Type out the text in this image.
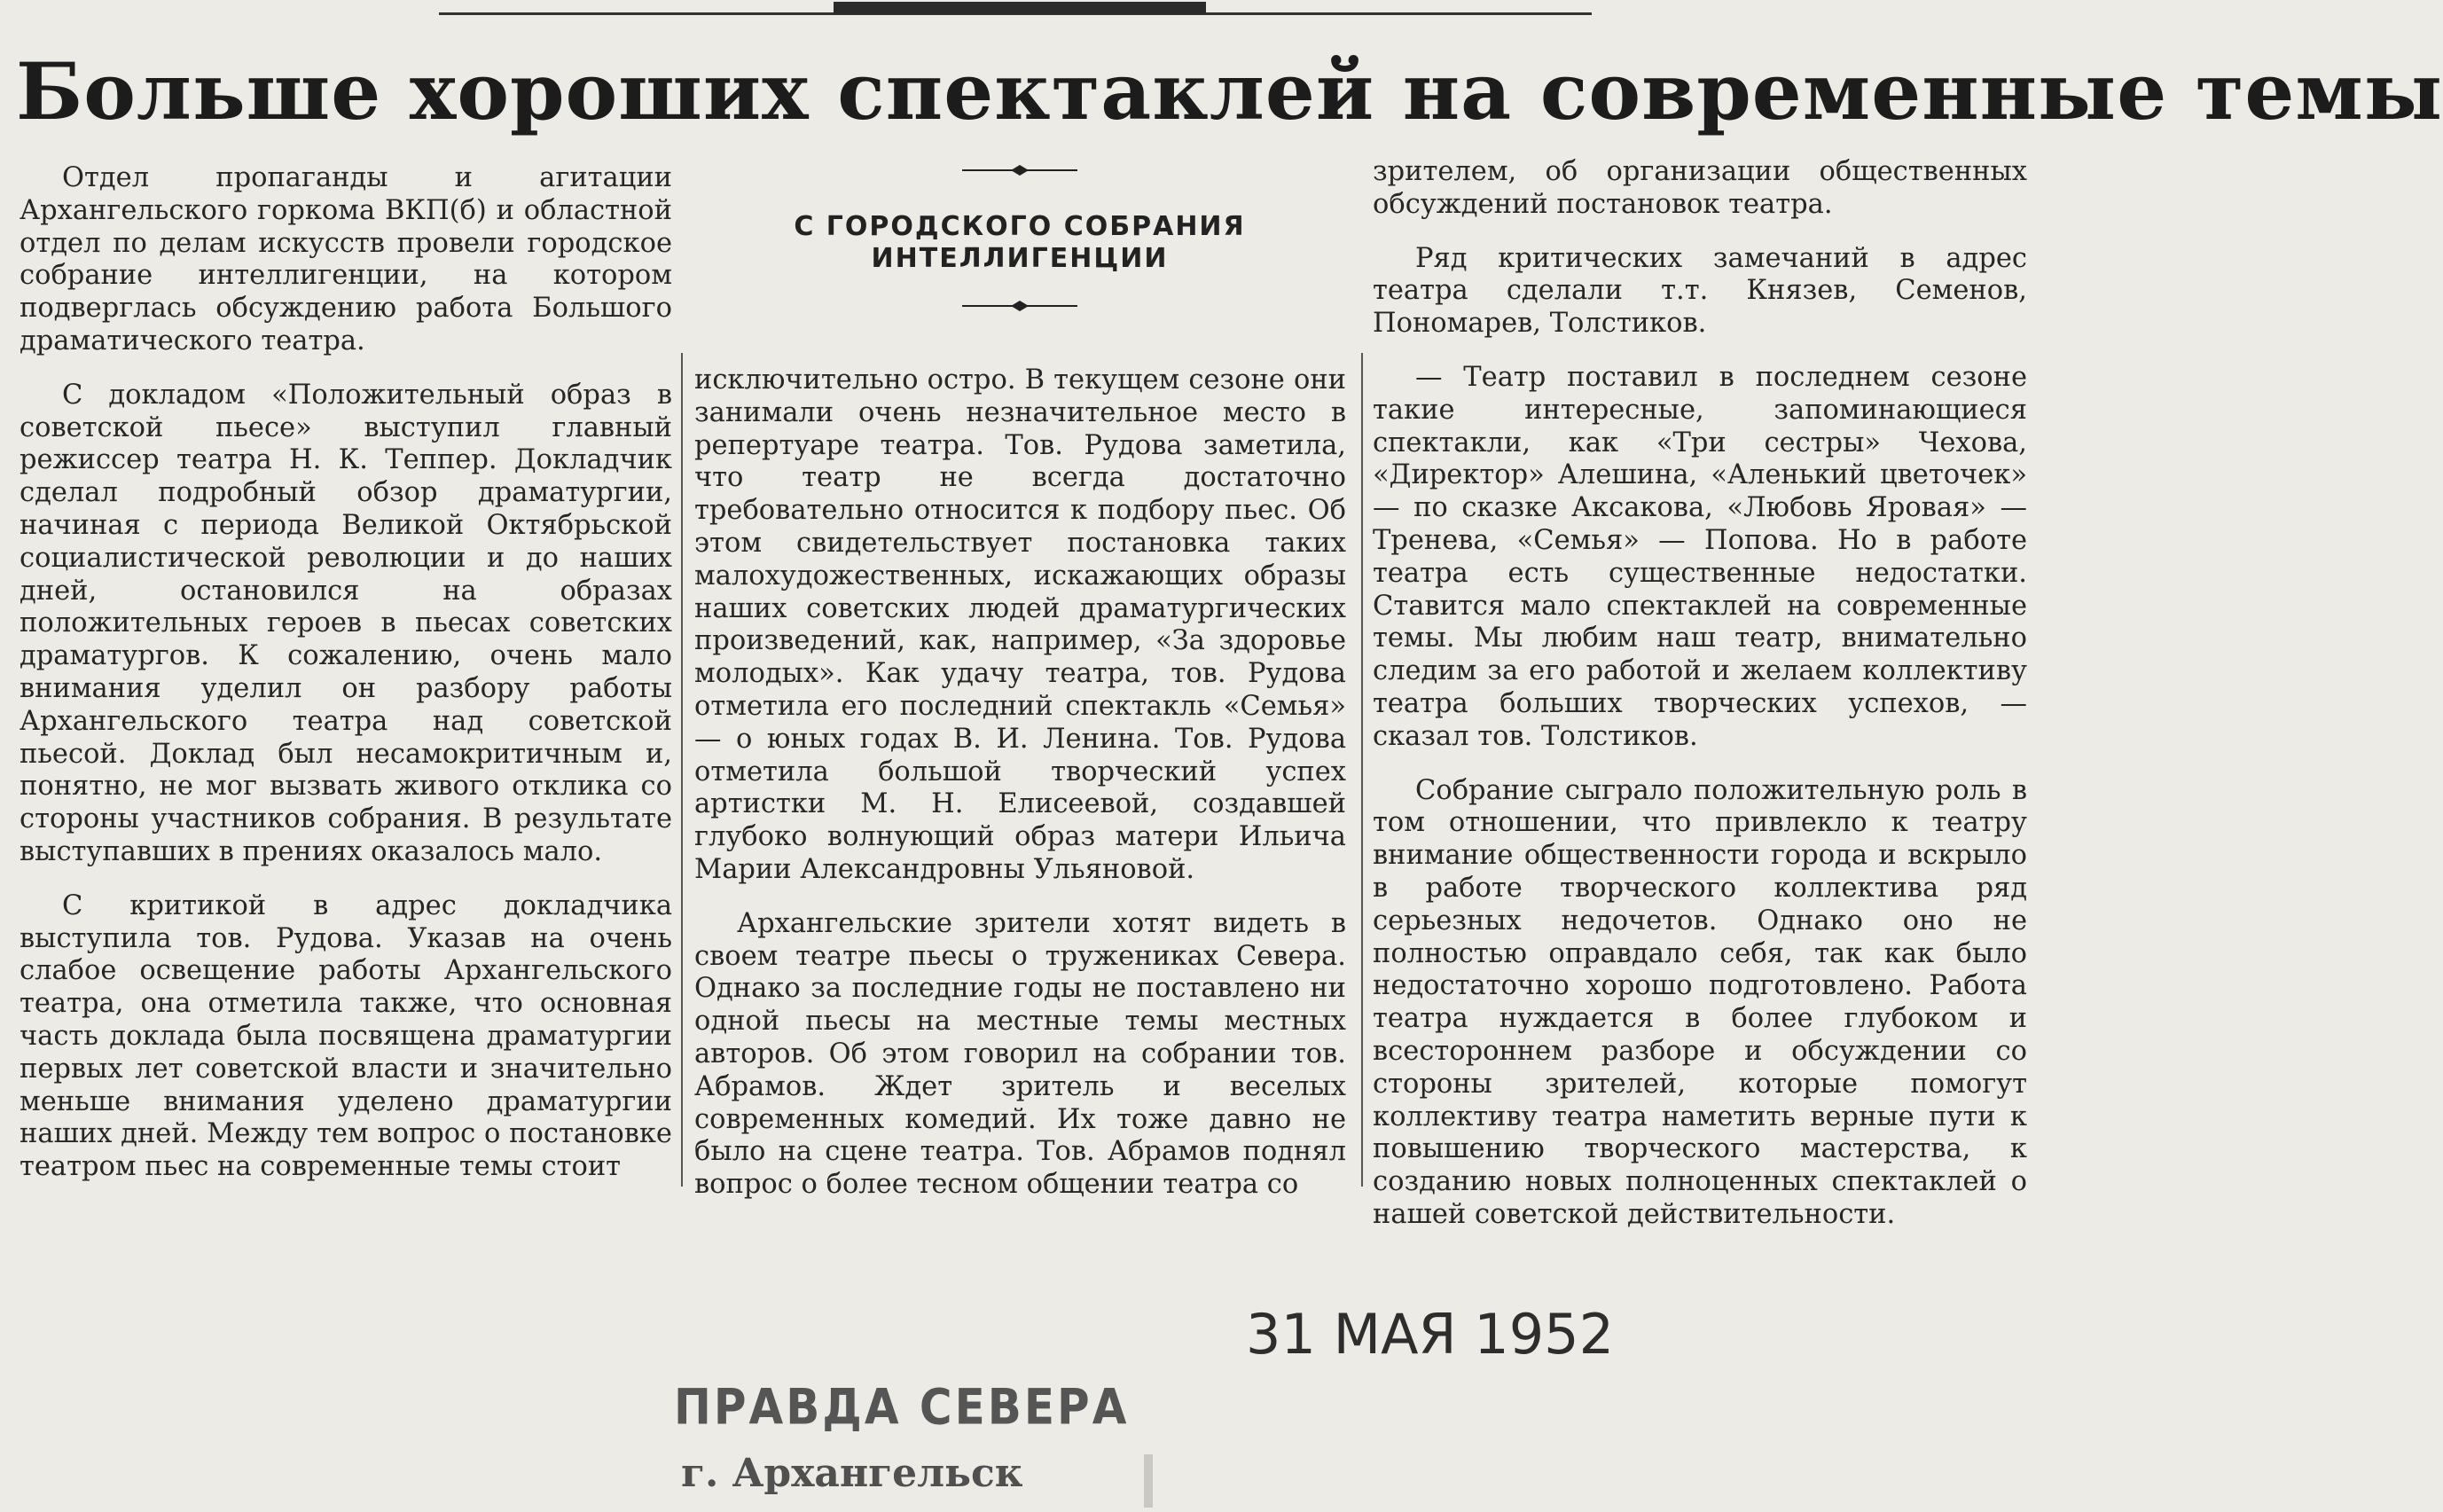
Больше хороших спектаклей на современные темы
С ГОРОДСКОГО СОБРАНИЯ ИНТЕЛЛИГЕНЦИИ

Отдел пропаганды и агитации Архангельского горкома ВКП(б) и областной отдел по делам искусств провели городское собрание интеллигенции, на котором подверглась обсуждению работа Большого драматического театра.

С докладом «Положительный образ в советской пьесе» выступил главный режиссер театра Н. К. Теппер. Докладчик сделал подробный обзор драматургии, начиная с периода Великой Октябрьской социалистической революции и до наших дней, остановился на образах положительных героев в пьесах советских драматургов. К сожалению, очень мало внимания уделил он разбору работы Архангельского театра над советской пьесой. Доклад был несамокритичным и, понятно, не мог вызвать живого отклика со стороны участников собрания. В результате выступавших в прениях оказалось мало.

С критикой в адрес докладчика выступила тов. Рудова. Указав на очень слабое освещение работы Архангельского театра, она отметила также, что основная часть доклада была посвящена драматургии первых лет советской власти и значительно меньше внимания уделено драматургии наших дней. Между тем вопрос о постановке театром пьес на современные темы стоит

исключительно остро. В текущем сезоне они занимали очень незначительное место в репертуаре театра. Тов. Рудова заметила, что театр не всегда достаточно требовательно относится к подбору пьес. Об этом свидетельствует постановка таких малохудожественных, искажающих образы наших советских людей драматургических произведений, как, например, «За здоровье молодых». Как удачу театра, тов. Рудова отметила его последний спектакль «Семья» — о юных годах В. И. Ленина. Тов. Рудова отметила большой творческий успех артистки М. Н. Елисеевой, создавшей глубоко волнующий образ матери Ильича Марии Александровны Ульяновой.

Архангельские зрители хотят видеть в своем театре пьесы о тружениках Севера. Однако за последние годы не поставлено ни одной пьесы на местные темы местных авторов. Об этом говорил на собрании тов. Абрамов. Ждет зритель и веселых современных комедий. Их тоже давно не было на сцене театра. Тов. Абрамов поднял вопрос о более тесном общении театра со

зрителем, об организации общественных обсуждений постановок театра.

Ряд критических замечаний в адрес театра сделали т.т. Князев, Семенов, Пономарев, Толстиков.

— Театр поставил в последнем сезоне такие интересные, запоминающиеся спектакли, как «Три сестры» Чехова, «Директор» Алешина, «Аленький цветочек» — по сказке Аксакова, «Любовь Яровая» — Тренева, «Семья» — Попова. Но в работе театра есть существенные недостатки. Ставится мало спектаклей на современные темы. Мы любим наш театр, внимательно следим за его работой и желаем коллективу театра больших творческих успехов, — сказал тов. Толстиков.

Собрание сыграло положительную роль в том отношении, что привлекло к театру внимание общественности города и вскрыло в работе творческого коллектива ряд серьезных недочетов. Однако оно не полностью оправдало себя, так как было недостаточно хорошо подготовлено. Работа театра нуждается в более глубоком и всестороннем разборе и обсуждении со стороны зрителей, которые помогут коллективу театра наметить верные пути к повышению творческого мастерства, к созданию новых полноценных спектаклей о нашей советской действительности.

31 МАЯ 1952
ПРАВДА СЕВЕРА
г. Архангельск
